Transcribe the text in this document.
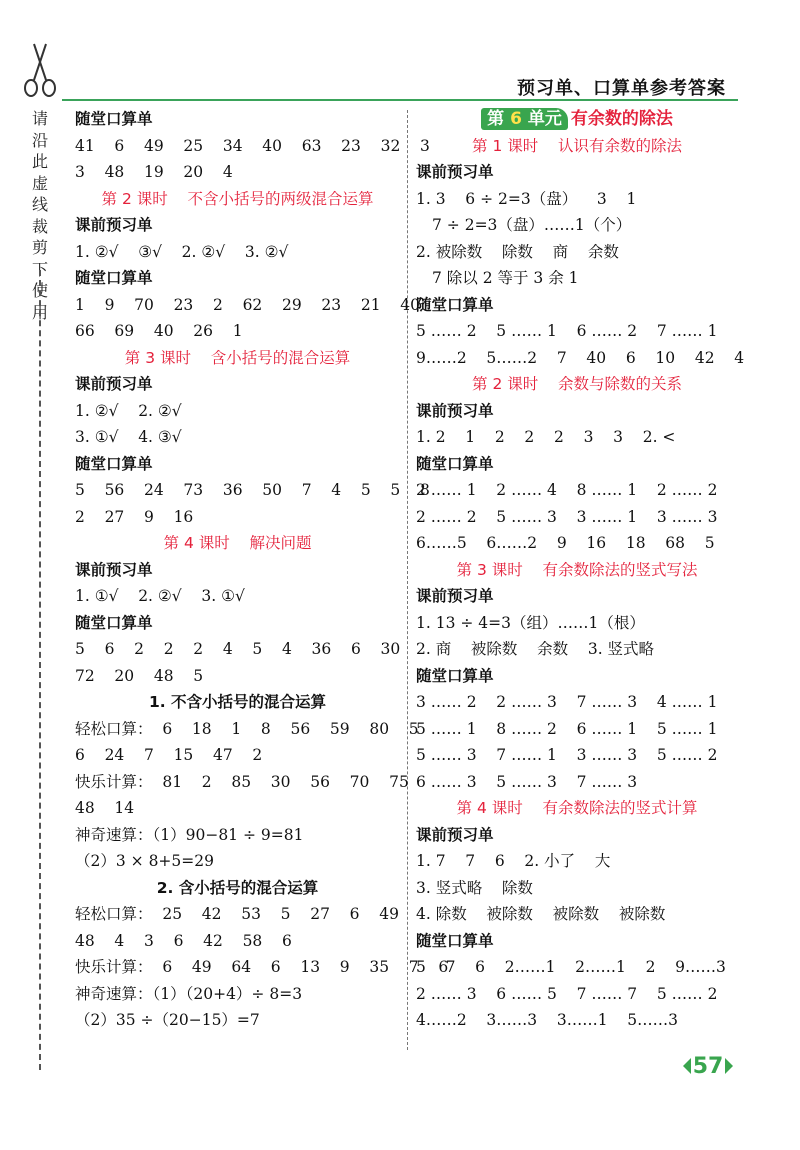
请沿此虚线裁剪下使用
预习单、口算单参考答案
随堂口算单
41    6    49    25    34    40    63    23    32    3
3    48    19    20    4
第 2 课时    不含小括号的两级混合运算
课前预习单
1. ②√    ③√    2. ②√    3. ②√
随堂口算单
1    9    70    23    2    62    29    23    21    40
66    69    40    26    1
第 3 课时    含小括号的混合运算
课前预习单
1. ②√    2. ②√
3. ①√    4. ③√
随堂口算单
5    56    24    73    36    50    7    4    5    5    8
2    27    9    16
第 4 课时    解决问题
课前预习单
1. ①√    2. ②√    3. ①√
随堂口算单
5    6    2    2    2    4    5    4    36    6    30
72    20    48    5
1. 不含小括号的混合运算
轻松口算：  6    18    1    8    56    59    80    5
6    24    7    15    47    2
快乐计算：  81    2    85    30    56    70    75
48    14
神奇速算：（1）90−81 ÷ 9=81
（2）3 × 8+5=29
2. 含小括号的混合运算
轻松口算：  25    42    53    5    27    6    49
48    4    3    6    42    58    6
快乐计算：  6    49    64    6    13    9    35    7    6
神奇速算：（1）（20+4）÷ 8=3
（2）35 ÷（20−15）=7
第 6 单元 有余数的除法
第 1 课时    认识有余数的除法
课前预习单
1. 3    6 ÷ 2=3（盘）    3    1
7 ÷ 2=3（盘）……1（个）
2. 被除数    除数    商    余数
7 除以 2 等于 3 余 1
随堂口算单
5 …… 2    5 …… 1    6 …… 2    7 …… 1
9……2    5……2    7    40    6    10    42    4
第 2 课时    余数与除数的关系
课前预习单
1. 2    1    2    2    2    3    3    2. <
随堂口算单
2 …… 1    2 …… 4    8 …… 1    2 …… 2
2 …… 2    5 …… 3    3 …… 1    3 …… 3
6……5    6……2    9    16    18    68    5
第 3 课时    有余数除法的竖式写法
课前预习单
1. 13 ÷ 4=3（组）……1（根）
2. 商    被除数    余数    3. 竖式略
随堂口算单
3 …… 2    2 …… 3    7 …… 3    4 …… 1
5 …… 1    8 …… 2    6 …… 1    5 …… 1
5 …… 3    7 …… 1    3 …… 3    5 …… 2
6 …… 3    5 …… 3    7 …… 3
第 4 课时    有余数除法的竖式计算
课前预习单
1. 7    7    6    2. 小了    大
3. 竖式略    除数
4. 除数    被除数    被除数    被除数
随堂口算单
5    7    6    2……1    2……1    2    9……3
2 …… 3    6 …… 5    7 …… 7    5 …… 2
4……2    3……3    3……1    5……3
57
